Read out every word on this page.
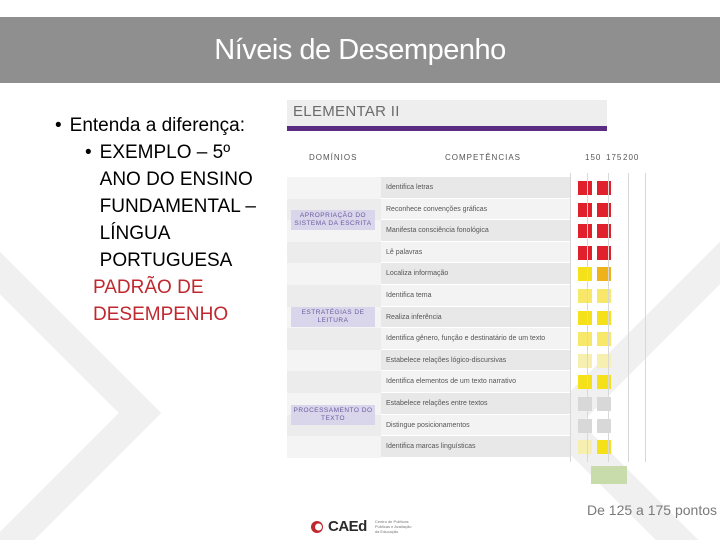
Níveis de Desempenho
• Entenda a diferença:
• EXEMPLO – 5º ANO DO ENSINO FUNDAMENTAL – LÍNGUA PORTUGUESA
PADRÃO DE DESEMPENHO
ELEMENTAR II
DOMÍNIOS	COMPETÊNCIAS	150 175 200
Identifica letras
Reconhece convenções gráficas
Manifesta consciência fonológica
Lê palavras
Localiza informação
Identifica tema
Realiza inferência
Identifica gênero, função e destinatário de um texto
Estabelece relações lógico-discursivas
Identifica elementos de um texto narrativo
Estabelece relações entre textos
Distingue posicionamentos
Identifica marcas linguísticas
APROPRIAÇÃO DO SISTEMA DA ESCRITA
ESTRATÉGIAS DE LEITURA
PROCESSAMENTO DO TEXTO
De 125 a 175 pontos
CAEd Centro de Políticas Públicas e Avaliação da Educação
